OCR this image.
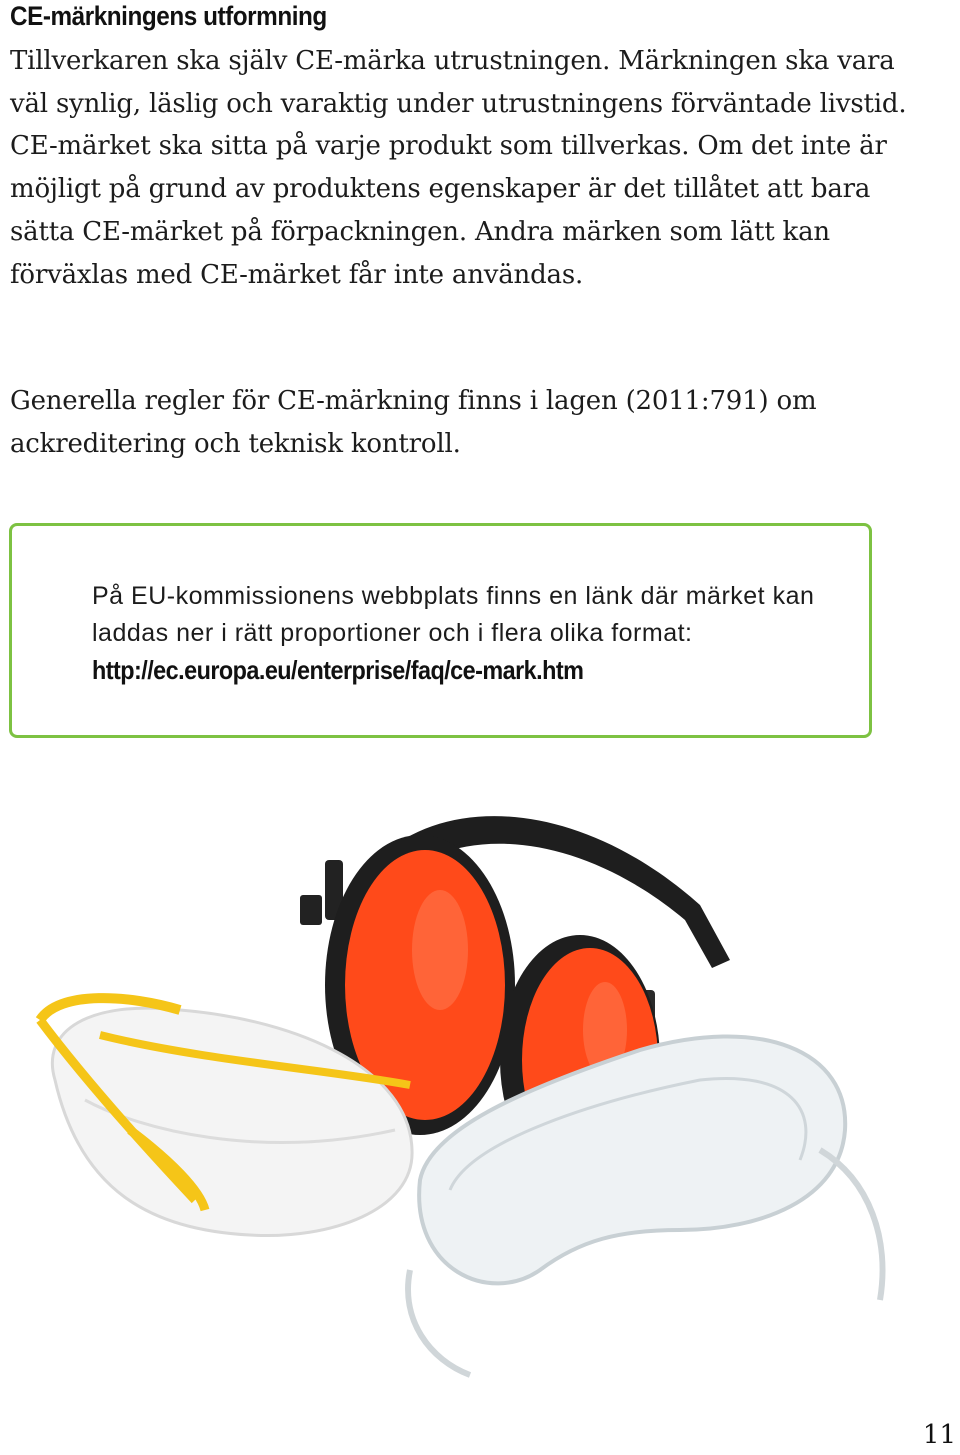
CE-märkningens utformning

Tillverkaren ska själv CE-märka utrustningen. Märkningen ska vara väl synlig, läslig och varaktig under utrustningens förväntade livstid. CE-märket ska sitta på varje produkt som tillverkas. Om det inte är möjligt på grund av produktens egenskaper är det tillåtet att bara sätta CE-märket på förpackningen. Andra märken som lätt kan förväxlas med CE-märket får inte användas.

Generella regler för CE-märkning finns i lagen (2011:791) om ackreditering och teknisk kontroll.

På EU-kommissionens webbplats finns en länk där märket kan laddas ner i rätt proportioner och i flera olika format:

http://ec.europa.eu/enterprise/faq/ce-mark.htm
11
